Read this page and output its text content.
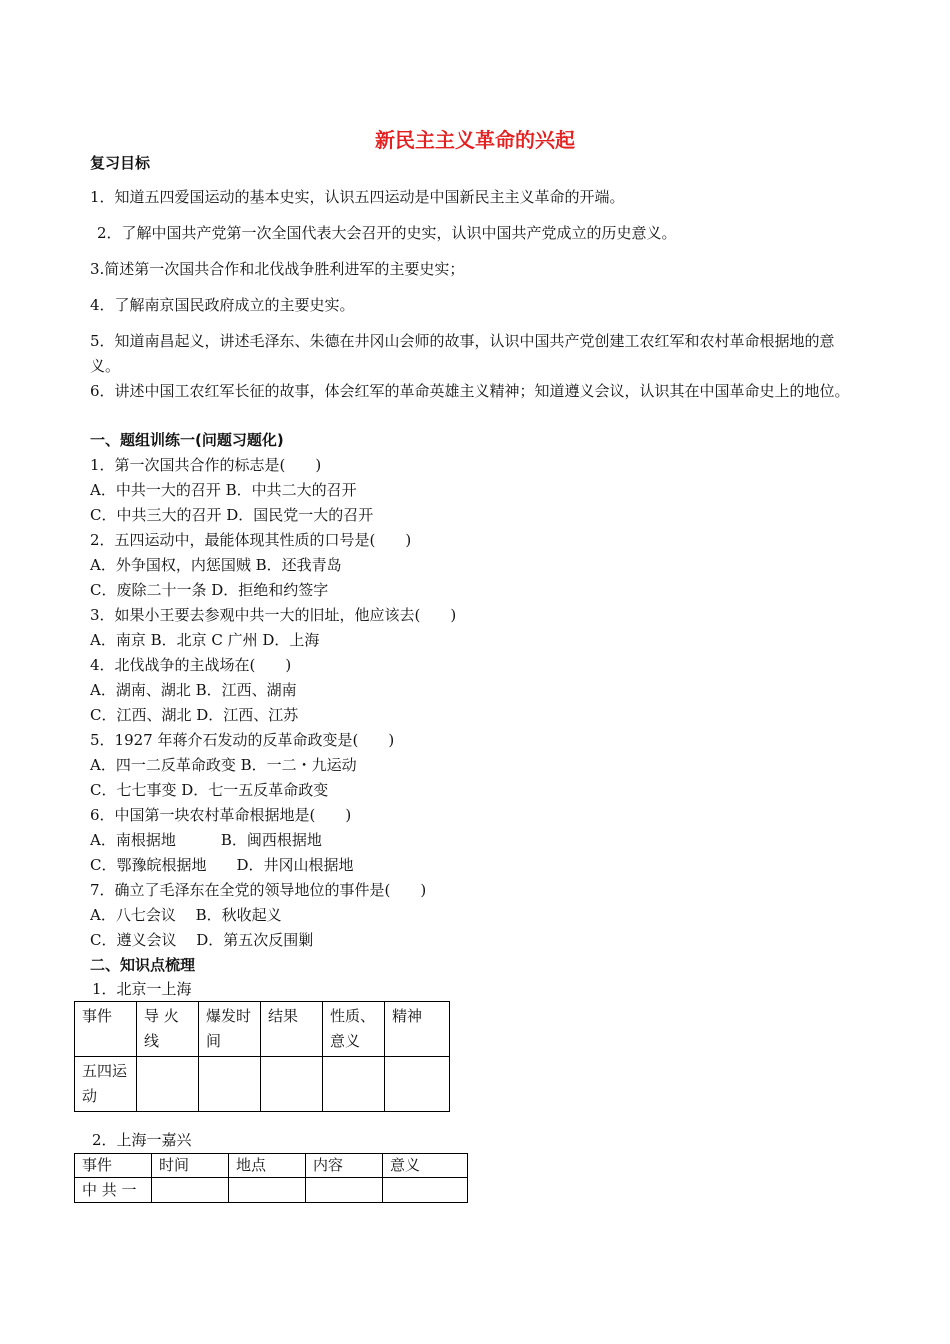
新民主主义革命的兴起
复习目标
1．知道五四爱国运动的基本史实，认识五四运动是中国新民主主义革命的开端。
2．了解中国共产党第一次全国代表大会召开的史实，认识中国共产党成立的历史意义。
3.简述第一次国共合作和北伐战争胜利进军的主要史实；
4．了解南京国民政府成立的主要史实。
5．知道南昌起义，讲述毛泽东、朱德在井冈山会师的故事，认识中国共产党创建工农红军和农村革命根据地的意义。
6．讲述中国工农红军长征的故事，体会红军的革命英雄主义精神；知道遵义会议，认识其在中国革命史上的地位。
一、题组训练一(问题习题化)
1．第一次国共合作的标志是(　　)
A．中共一大的召开 B．中共二大的召开
C．中共三大的召开 D．国民党一大的召开
2．五四运动中，最能体现其性质的口号是(　　)
A．外争国权，内惩国贼 B．还我青岛
C．废除二十一条 D．拒绝和约签字
3．如果小王要去参观中共一大的旧址，他应该去(　　)
A．南京 B．北京 C 广州 D．上海
4．北伐战争的主战场在(　　)
A．湖南、湖北 B．江西、湖南
C．江西、湖北 D．江西、江苏
5．1927 年蒋介石发动的反革命政变是(　　)
A．四一二反革命政变 B．一二・九运动
C．七七事变 D．七一五反革命政变
6．中国第一块农村革命根据地是(　　)
A．南根据地　　　B．闽西根据地
C．鄂豫皖根据地　　D．井冈山根据地
7．确立了毛泽东在全党的领导地位的事件是(　　)
A．八七会议　 B．秋收起义
C．遵义会议　 D．第五次反围剿
二、知识点梳理
1．北京一上海
事件	导 火线	爆发时间	结果	性质、意义	精神
五四运动					
2．上海一嘉兴
事件	时间	地点	内容	意义
中 共 一				
